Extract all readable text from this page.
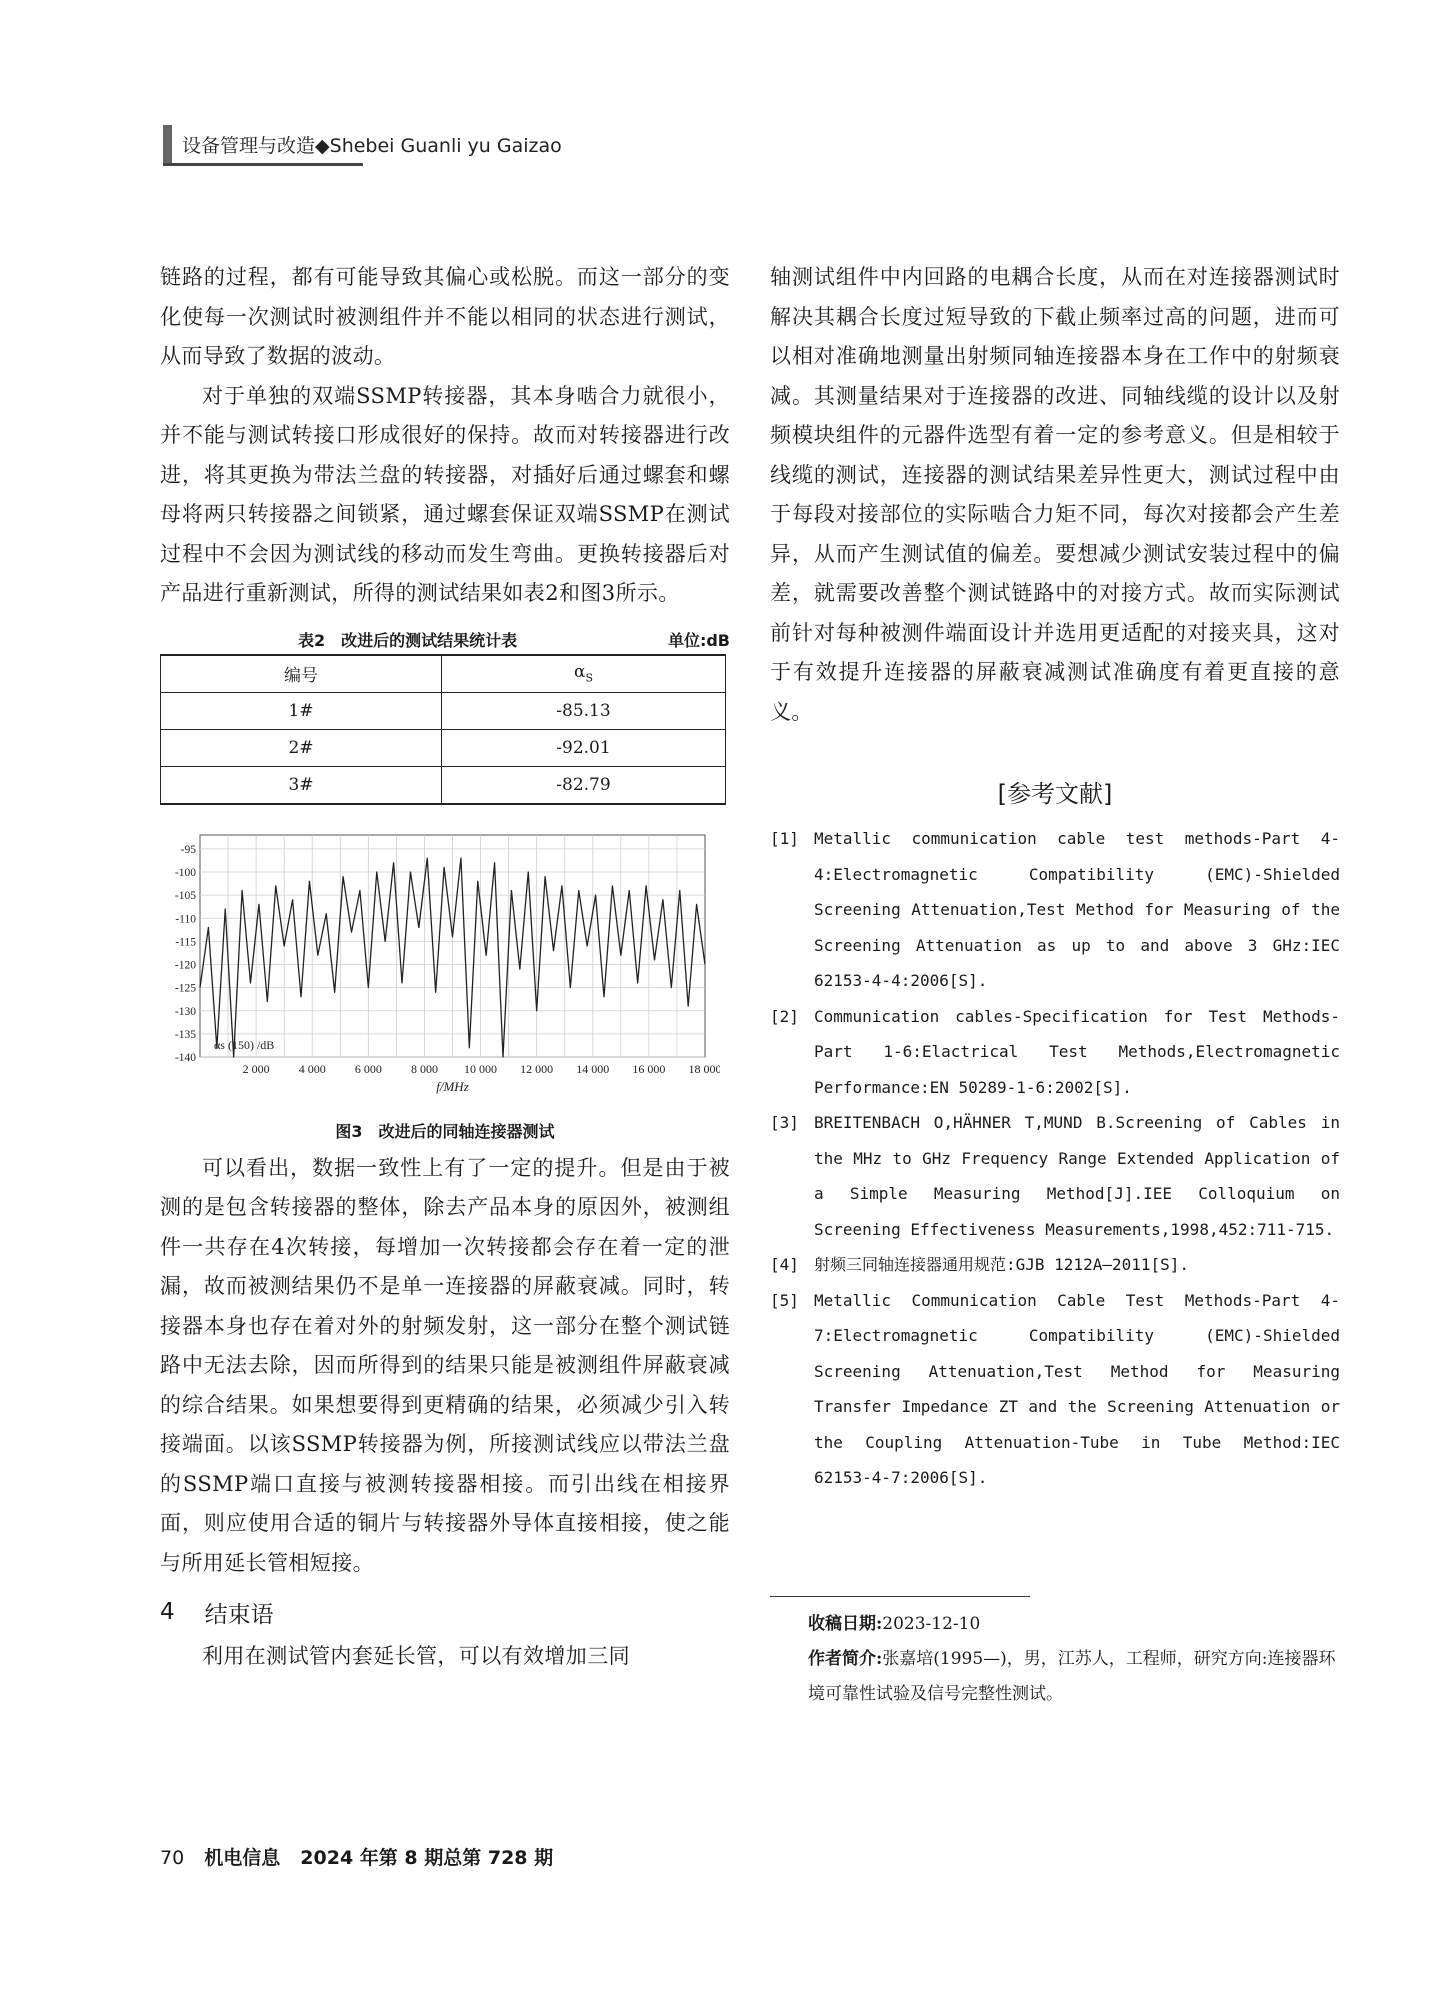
设备管理与改造◆Shebei Guanli yu Gaizao

链路的过程，都有可能导致其偏心或松脱。而这一部分的变化使每一次测试时被测组件并不能以相同的状态进行测试，从而导致了数据的波动。

对于单独的双端SSMP转接器，其本身啮合力就很小，并不能与测试转接口形成很好的保持。故而对转接器进行改进，将其更换为带法兰盘的转接器，对插好后通过螺套和螺母将两只转接器之间锁紧，通过螺套保证双端SSMP在测试过程中不会因为测试线的移动而发生弯曲。更换转接器后对产品进行重新测试，所得的测试结果如表2和图3所示。

表2　改进后的测试结果统计表	单位:dB
编号	$\alpha_S$
1#	-85.13
2#	-92.01
3#	-82.79
-95
-100
-105
-110
-115
-120
-125
-130
-135
-140
2 000 4 000 6 000 8 000 10 000 12 000 14 000 16 000 18 000
f/MHz
αs (150) /dB
图3　改进后的同轴连接器测试

可以看出，数据一致性上有了一定的提升。但是由于被测的是包含转接器的整体，除去产品本身的原因外，被测组件一共存在4次转接，每增加一次转接都会存在着一定的泄漏，故而被测结果仍不是单一连接器的屏蔽衰减。同时，转接器本身也存在着对外的射频发射，这一部分在整个测试链路中无法去除，因而所得到的结果只能是被测组件屏蔽衰减的综合结果。如果想要得到更精确的结果，必须减少引入转接端面。以该SSMP转接器为例，所接测试线应以带法兰盘的SSMP端口直接与被测转接器相接。而引出线在相接界面，则应使用合适的铜片与转接器外导体直接相接，使之能与所用延长管相短接。

4 结束语

利用在测试管内套延长管，可以有效增加三同

轴测试组件中内回路的电耦合长度，从而在对连接器测试时解决其耦合长度过短导致的下截止频率过高的问题，进而可以相对准确地测量出射频同轴连接器本身在工作中的射频衰减。其测量结果对于连接器的改进、同轴线缆的设计以及射频模块组件的元器件选型有着一定的参考意义。但是相较于线缆的测试，连接器的测试结果差异性更大，测试过程中由于每段对接部位的实际啮合力矩不同，每次对接都会产生差异，从而产生测试值的偏差。要想减少测试安装过程中的偏差，就需要改善整个测试链路中的对接方式。故而实际测试前针对每种被测件端面设计并选用更适配的对接夹具，这对于有效提升连接器的屏蔽衰减测试准确度有着更直接的意义。

[参考文献]
[1] Metallic communication cable test methods-Part 4-4:Electromagnetic Compatibility (EMC)-Shielded Screening Attenuation,Test Method for Measuring of the Screening Attenuation as up to and above 3 GHz:IEC 62153-4-4:2006[S].
[2] Communication cables-Specification for Test Methods-Part 1-6:Elactrical Test Methods,Electromagnetic Performance:EN 50289-1-6:2002[S].
[3] BREITENBACH O,HÄHNER T,MUND B.Screening of Cables in the MHz to GHz Frequency Range Extended Application of a Simple Measuring Method[J].IEE Colloquium on Screening Effectiveness Measurements,1998,452:711-715.
[4] 射频三同轴连接器通用规范:GJB 1212A—2011[S].
[5] Metallic Communication Cable Test Methods-Part 4-7:Electromagnetic Compatibility (EMC)-Shielded Screening Attenuation,Test Method for Measuring Transfer Impedance ZT and the Screening Attenuation or the Coupling Attenuation-Tube in Tube Method:IEC 62153-4-7:2006[S].
收稿日期:2023-12-10
作者简介:张嘉培(1995—)，男，江苏人，工程师，研究方向:连接器环境可靠性试验及信号完整性测试。
70 机电信息 2024 年第 8 期总第 728 期
